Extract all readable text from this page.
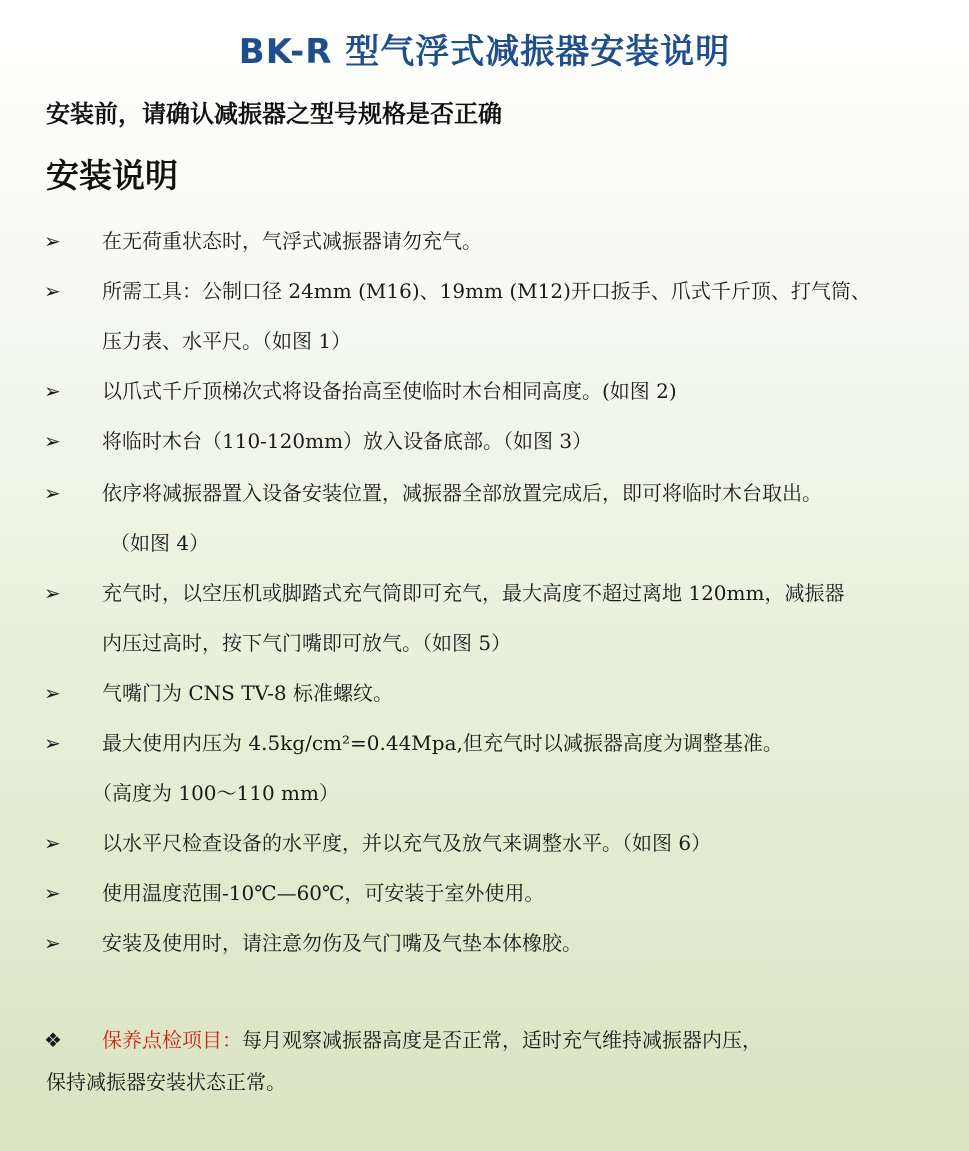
BK-R 型气浮式减振器安装说明
安装前，请确认减振器之型号规格是否正确
安装说明
➢	在无荷重状态时，气浮式减振器请勿充气。
➢	所需工具：公制口径 24mm (M16)、19mm (M12)开口扳手、爪式千斤顶、打气筒、
压力表、水平尺。（如图 1）
➢	以爪式千斤顶梯次式将设备抬高至使临时木台相同高度。(如图 2)
➢	将临时木台（110-120mm）放入设备底部。（如图 3）
➢	依序将减振器置入设备安装位置，减振器全部放置完成后，即可将临时木台取出。
（如图 4）
➢	充气时，以空压机或脚踏式充气筒即可充气，最大高度不超过离地 120mm，减振器
内压过高时，按下气门嘴即可放气。（如图 5）
➢	气嘴门为 CNS TV-8 标准螺纹。
➢	最大使用内压为 4.5kg/cm²=0.44Mpa,但充气时以减振器高度为调整基准。
（高度为 100～110 mm）
➢	以水平尺检查设备的水平度，并以充气及放气来调整水平。（如图 6）
➢	使用温度范围-10℃—60℃，可安装于室外使用。
➢	安装及使用时，请注意勿伤及气门嘴及气垫本体橡胶。
❖ 保养点检项目：每月观察减振器高度是否正常，适时充气维持减振器内压，
保持减振器安装状态正常。
